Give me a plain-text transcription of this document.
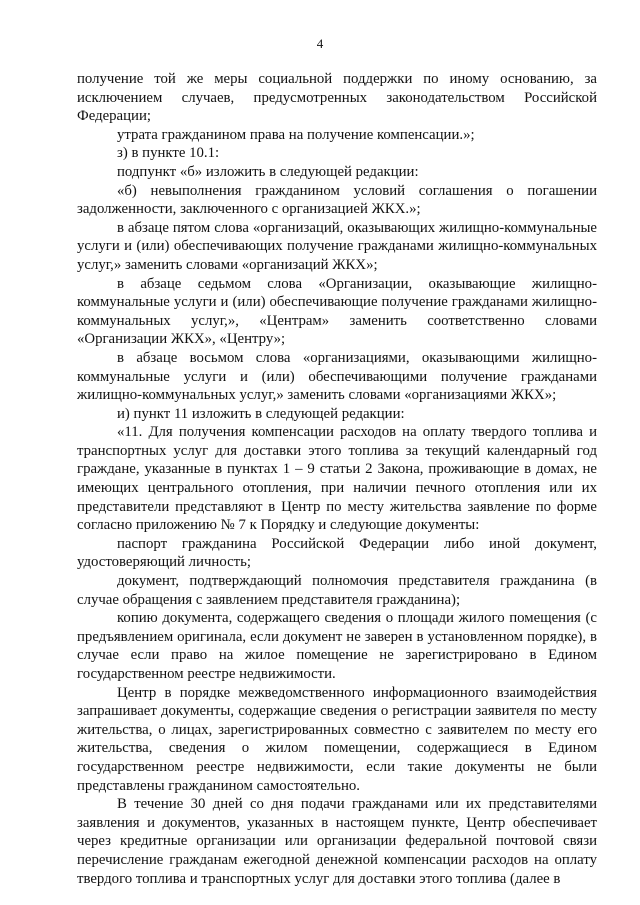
4

получение той же меры социальной поддержки по иному основанию, за исключением случаев, предусмотренных законодательством Российской Федерации;

утрата гражданином права на получение компенсации.»;

з) в пункте 10.1:

подпункт «б» изложить в следующей редакции:

«б) невыполнения гражданином условий соглашения о погашении задолженности, заключенного с организацией ЖКХ.»;

в абзаце пятом слова «организаций, оказывающих жилищно-коммунальные услуги и (или) обеспечивающих получение гражданами жилищно-коммунальных услуг,» заменить словами «организаций ЖКХ»;

в абзаце седьмом слова «Организации, оказывающие жилищно-коммунальные услуги и (или) обеспечивающие получение гражданами жилищно-коммунальных услуг,», «Центрам» заменить соответственно словами «Организации ЖКХ», «Центру»;

в абзаце восьмом слова «организациями, оказывающими жилищно-коммунальные услуги и (или) обеспечивающими получение гражданами жилищно-коммунальных услуг,» заменить словами «организациями ЖКХ»;

и) пункт 11 изложить в следующей редакции:

«11. Для получения компенсации расходов на оплату твердого топлива и транспортных услуг для доставки этого топлива за текущий календарный год граждане, указанные в пунктах 1 – 9 статьи 2 Закона, проживающие в домах, не имеющих центрального отопления, при наличии печного отопления или их представители представляют в Центр по месту жительства заявление по форме согласно приложению № 7 к Порядку и следующие документы:

паспорт гражданина Российской Федерации либо иной документ, удостоверяющий личность;

документ, подтверждающий полномочия представителя гражданина (в случае обращения с заявлением представителя гражданина);

копию документа, содержащего сведения о площади жилого помещения (с предъявлением оригинала, если документ не заверен в установленном порядке), в случае если право на жилое помещение не зарегистрировано в Едином государственном реестре недвижимости.

Центр в порядке межведомственного информационного взаимодействия запрашивает документы, содержащие сведения о регистрации заявителя по месту жительства, о лицах, зарегистрированных совместно с заявителем по месту его жительства, сведения о жилом помещении, содержащиеся в Едином государственном реестре недвижимости, если такие документы не были представлены гражданином самостоятельно.

В течение 30 дней со дня подачи гражданами или их представителями заявления и документов, указанных в настоящем пункте, Центр обеспечивает через кредитные организации или организации федеральной почтовой связи перечисление гражданам ежегодной денежной компенсации расходов на оплату твердого топлива и транспортных услуг для доставки этого топлива (далее в
